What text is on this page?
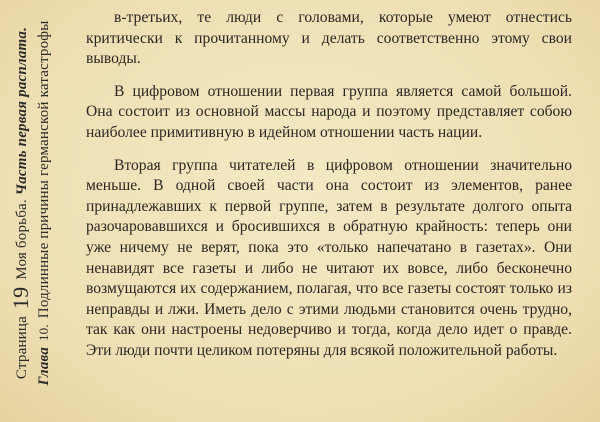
Страница 19 Моя борьба. Часть первая расплата.
Глава 10. Подлинные причины германской катастрофы

в-третьих, те люди с головами, которые умеют отнестись критически к прочитанному и делать соответственно этому свои выводы.

В цифровом отношении первая группа является самой большой. Она состоит из основной массы народа и поэтому представляет собою наиболее примитивную в идейном отношении часть нации.

Вторая группа читателей в цифровом отношении значительно меньше. В одной своей части она состоит из элементов, ранее принадлежавших к первой группе, затем в результате долгого опыта разочаровавшихся и бросившихся в обратную крайность: теперь они уже ничему не верят, пока это «только напечатано в газетах». Они ненавидят все газеты и либо не читают их вовсе, либо бесконечно возмущаются их содержанием, полагая, что все газеты состоят только из неправды и лжи. Иметь дело с этими людьми становится очень трудно, так как они настроены недоверчиво и тогда, когда дело идет о правде. Эти люди почти целиком потеряны для всякой положительной работы.
